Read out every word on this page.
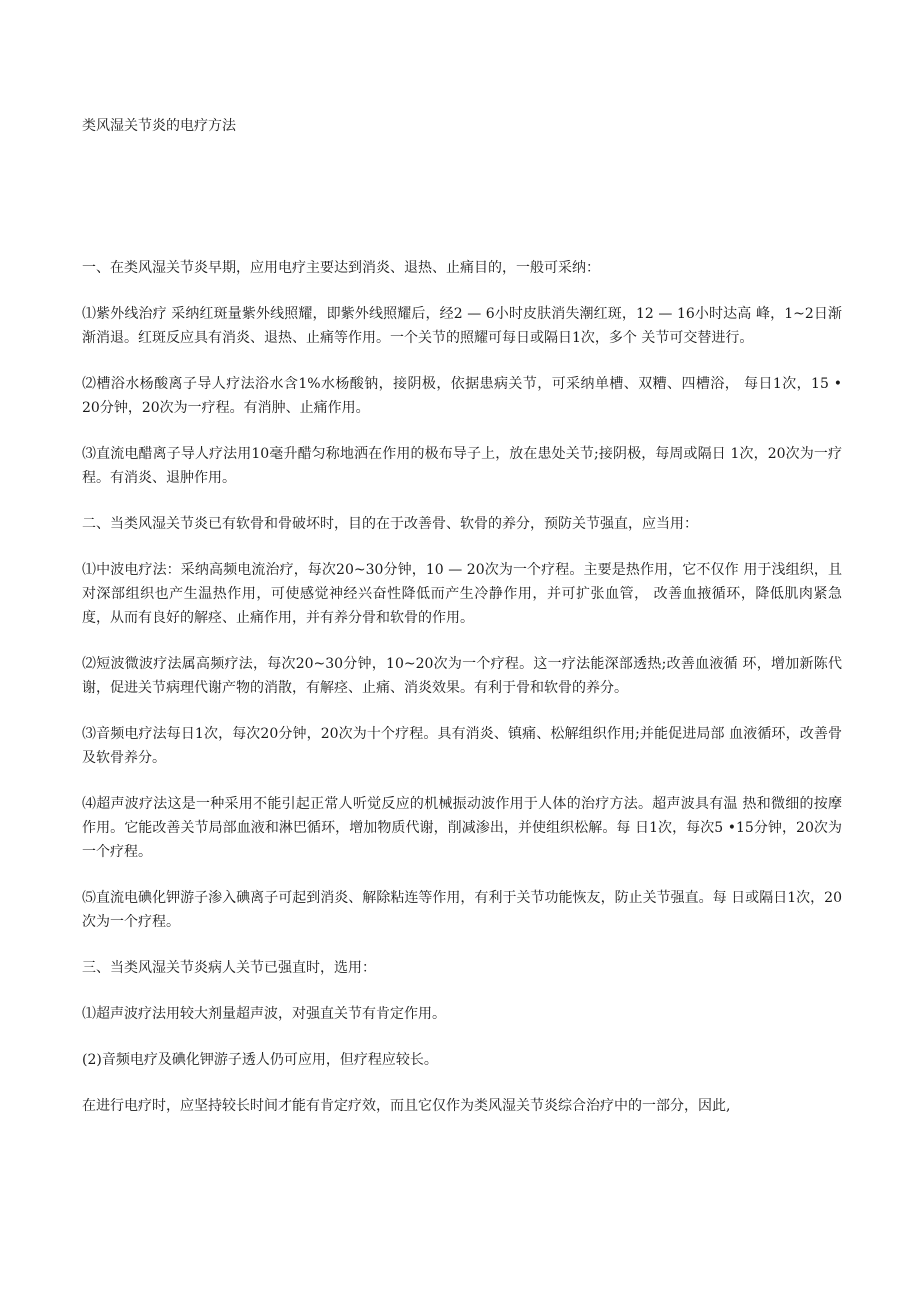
类风湿关节炎的电疗方法

一、在类风湿关节炎早期，应用电疗主要达到消炎、退热、止痛目的，一般可采纳：

⑴紫外线治疗 采纳红斑量紫外线照耀，即紫外线照耀后，经2 — 6小时皮肤消失潮红斑，12 — 16小时达高 峰，1~2日渐渐消退。红斑反应具有消炎、退热、止痛等作用。一个关节的照耀可每日或隔日1次，多个 关节可交替进行。

⑵槽浴水杨酸离子导人疗法浴水含1%水杨酸钠，接阴极，依据患病关节，可采纳单槽、双糟、四槽浴， 每日1次，15 • 20分钟，20次为一疗程。有消肿、止痛作用。

⑶直流电醋离子导人疗法用10毫升醋匀称地洒在作用的极布导子上，放在患处关节;接阴极，每周或隔日 1次，20次为一疗程。有消炎、退肿作用。

二、当类风湿关节炎已有软骨和骨破坏时，目的在于改善骨、软骨的养分，预防关节强直，应当用：

⑴中波电疗法：采纳高频电流治疗，每次20~30分钟，10 — 20次为一个疗程。主要是热作用，它不仅作 用于浅组织，且对深部组织也产生温热作用，可使感觉神经兴奋性降低而产生冷静作用，并可扩张血管， 改善血掖循环，降低肌肉紧急度，从而有良好的解痉、止痛作用，并有养分骨和软骨的作用。

⑵短波微波疗法属高频疗法，每次20~30分钟，10~20次为一个疗程。这一疗法能深部透热;改善血液循 环，增加新陈代谢，促进关节病理代谢产物的消散，有解痉、止痛、消炎效果。有利于骨和软骨的养分。

⑶音频电疗法每日1次，每次20分钟，20次为十个疗程。具有消炎、镇痛、松解组织作用;并能促进局部 血液循环，改善骨及软骨养分。

⑷超声波疗法这是一种采用不能引起正常人听觉反应的机械振动波作用于人体的治疗方法。超声波具有温 热和微细的按摩作用。它能改善关节局部血液和淋巴循环，增加物质代谢，削减渗出，并使组织松解。每 日1次，每次5 •15分钟，20次为一个疗程。

⑸直流电碘化钾游子渗入碘离子可起到消炎、解除粘连等作用，有利于关节功能恢友，防止关节强直。每 日或隔日1次，20次为一个疗程。

三、当类风湿关节炎病人关节已强直时，选用：

⑴超声波疗法用较大剂量超声波，对强直关节有肯定作用。

(2)音频电疗及碘化钾游子透人仍可应用，但疗程应较长。

在进行电疗时，应坚持较长时间才能有肯定疗效，而且它仅作为类风湿关节炎综合治疗中的一部分，因此,
